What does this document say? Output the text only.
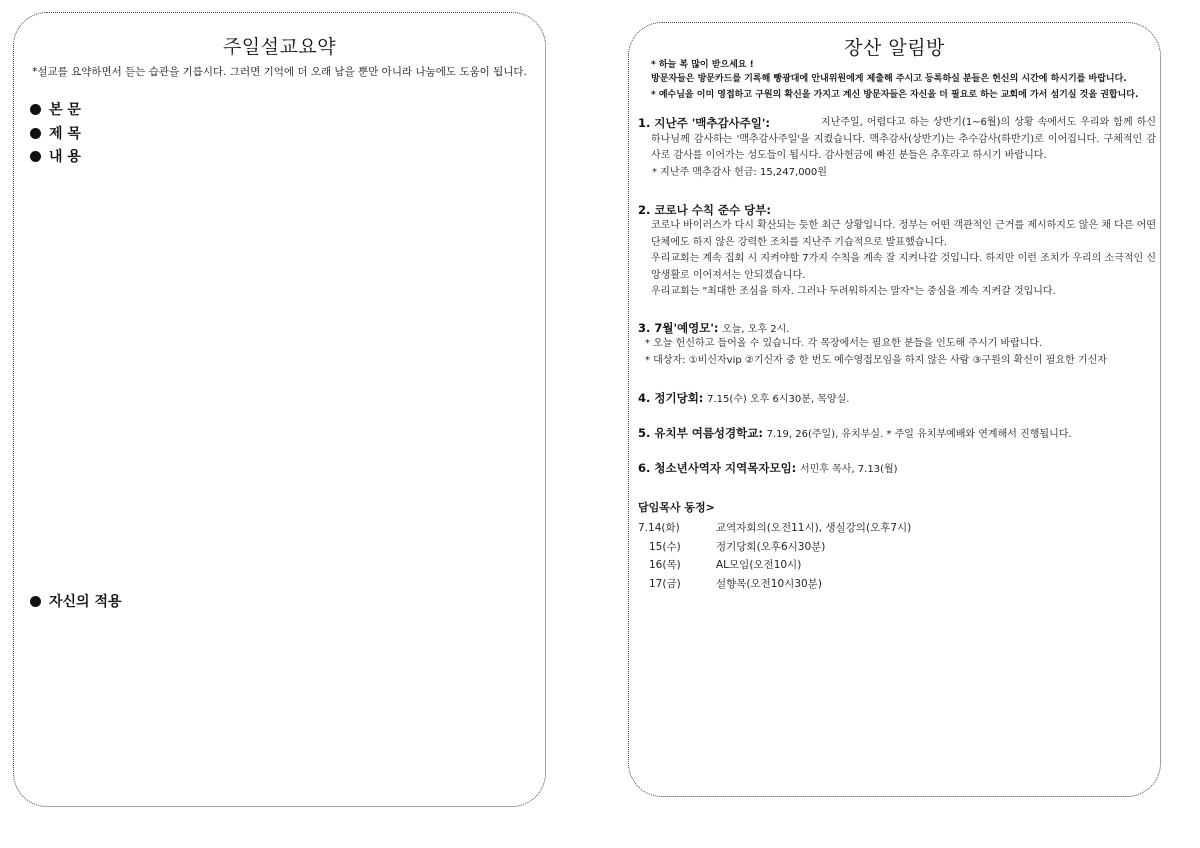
주일설교요약
*설교를 요약하면서 듣는 습관을 기릅시다. 그러면 기억에 더 오래 남을 뿐만 아니라 나눔에도 도움이 됩니다.
본 문
제 목
내 용
자신의 적용
장산 알림방
* 하늘 복 많이 받으세요 !
방문자들은 방문카드를 기록해 빵광대에 안내위원에게 제출해 주시고 등록하실 분들은 헌신의 시간에 하시기를 바랍니다.
* 예수님을 이미 영접하고 구원의 확신을 가지고 계신 방문자들은 자신을 더 필요로 하는 교회에 가서 섬기실 것을 권합니다.
1. 지난주 '맥추감사주일':	지난주일, 어렵다고 하는 상반기(1~6월)의 상황 속에서도 우리와 함께 하신 하나님께 감사하는 '맥추감사주일'을 지켰습니다. 맥추감사(상반기)는 추수감사(하반기)로 이어집니다. 구체적인 감사로 감사를 이어가는 성도들이 됩시다. 감사헌금에 빠진 분들은 추후라고 하시기 바랍니다.
* 지난주 맥추감사 헌금: 15,247,000원
2. 코로나 수칙 준수 당부:
코로나 바이러스가 다시 확산되는 듯한 최근 상황입니다. 정부는 어떤 객관적인 근거를 제시하지도 않은 채 다른 어떤 단체에도 하지 않은 강력한 조치를 지난주 기습적으로 발표했습니다.
우리교회는 계속 집회 시 지켜야할 7가지 수칙을 계속 잘 지켜나갈 것입니다. 하지만 이런 조치가 우리의 소극적인 신앙생활로 이어져서는 안되겠습니다.
우리교회는 "최대한 조심을 하자. 그러나 두려워하지는 말자"는 중심을 계속 지켜갈 것입니다.
3. 7월'예영모': 오늘, 오후 2시.
* 오늘 헌신하고 들어올 수 있습니다. 각 목장에서는 필요한 분들을 인도해 주시기 바랍니다.
* 대상자: ①비신자vip ②기신자 중 한 번도 예수영접모임을 하지 않은 사람 ③구원의 확신이 필요한 기신자
4. 정기당회: 7.15(수) 오후 6시30분, 목양실.
5. 유치부 여름성경학교: 7.19, 26(주일), 유치부실. * 주일 유치부예배와 연계해서 진행됩니다.
6. 청소년사역자 지역목자모임: 서민후 목사, 7.13(월)
담임목사 동정>
7.14(화)	교역자회의(오전11시), 생실강의(오후7시)
15(수)	정기당회(오후6시30분)
16(목)	AL모임(오전10시)
17(금)	설향목(오전10시30분)
